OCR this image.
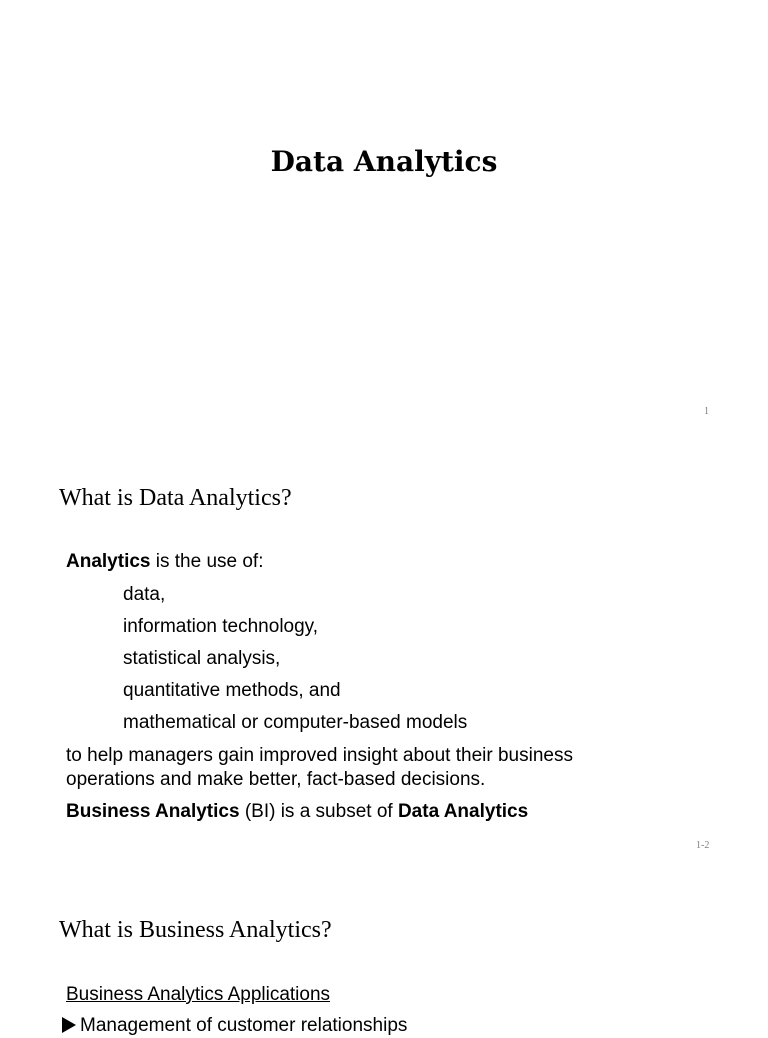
Data Analytics

1

What is Data Analytics?

Analytics is the use of:

data,

information technology,

statistical analysis,

quantitative methods, and

mathematical or computer-based models

to help managers gain improved insight about their business

operations and make better, fact-based decisions.

Business Analytics (BI) is a subset of Data Analytics

1-2

What is Business Analytics?

Business Analytics Applications

Management of customer relationships
